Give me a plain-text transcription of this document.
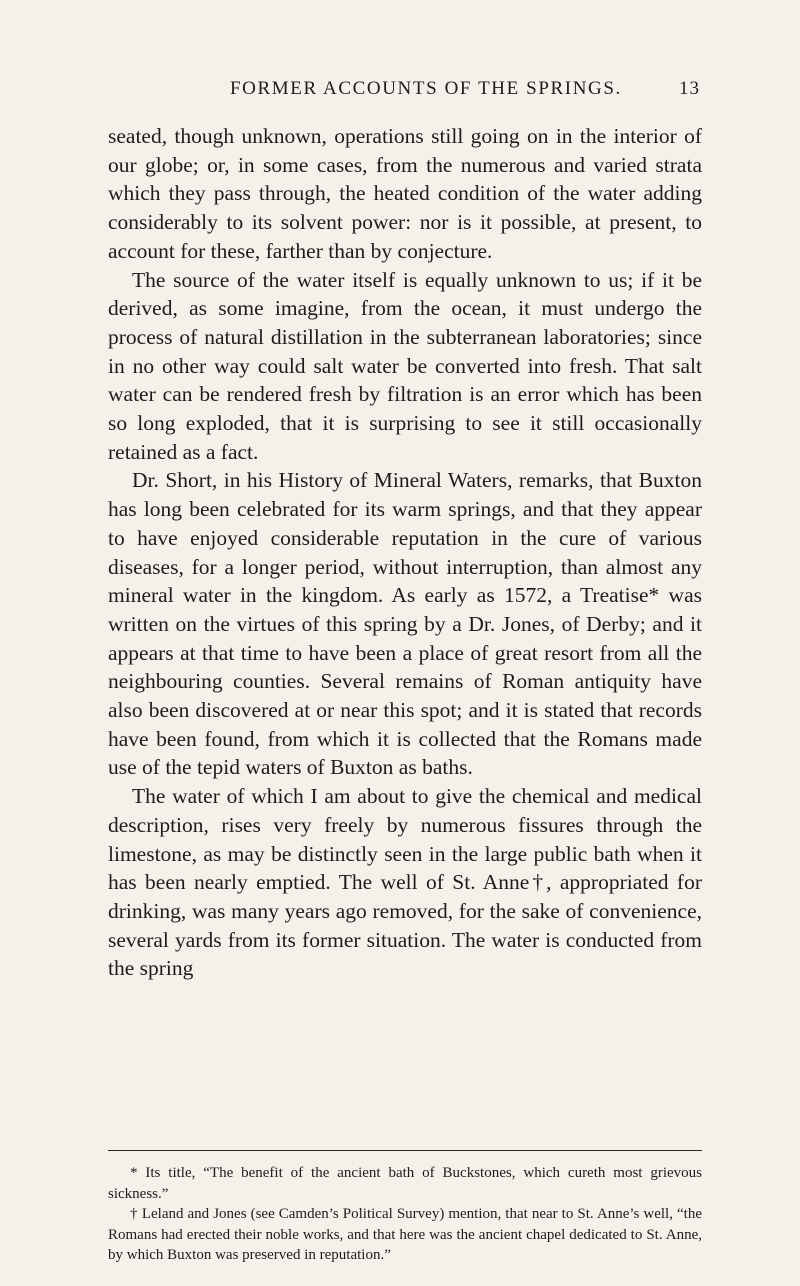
FORMER ACCOUNTS OF THE SPRINGS.	13

seated, though unknown, operations still going on in the interior of our globe; or, in some cases, from the numerous and varied strata which they pass through, the heated condition of the water adding considerably to its solvent power: nor is it possible, at present, to account for these, farther than by conjecture.

The source of the water itself is equally unknown to us; if it be derived, as some imagine, from the ocean, it must undergo the process of natural distillation in the subterranean laboratories; since in no other way could salt water be converted into fresh. That salt water can be rendered fresh by filtration is an error which has been so long exploded, that it is surprising to see it still occasionally retained as a fact.

Dr. Short, in his History of Mineral Waters, remarks, that Buxton has long been celebrated for its warm springs, and that they appear to have enjoyed considerable reputation in the cure of various diseases, for a longer period, without interruption, than almost any mineral water in the kingdom. As early as 1572, a Treatise* was written on the virtues of this spring by a Dr. Jones, of Derby; and it appears at that time to have been a place of great resort from all the neighbouring counties. Several remains of Roman antiquity have also been discovered at or near this spot; and it is stated that records have been found, from which it is collected that the Romans made use of the tepid waters of Buxton as baths.

The water of which I am about to give the chemical and medical description, rises very freely by numerous fissures through the limestone, as may be distinctly seen in the large public bath when it has been nearly emptied. The well of St. Anne†, appropriated for drinking, was many years ago removed, for the sake of convenience, several yards from its former situation. The water is conducted from the spring

* Its title, “The benefit of the ancient bath of Buckstones, which cureth most grievous sickness.”

† Leland and Jones (see Camden’s Political Survey) mention, that near to St. Anne’s well, “the Romans had erected their noble works, and that here was the ancient chapel dedicated to St. Anne, by which Buxton was preserved in reputation.”
